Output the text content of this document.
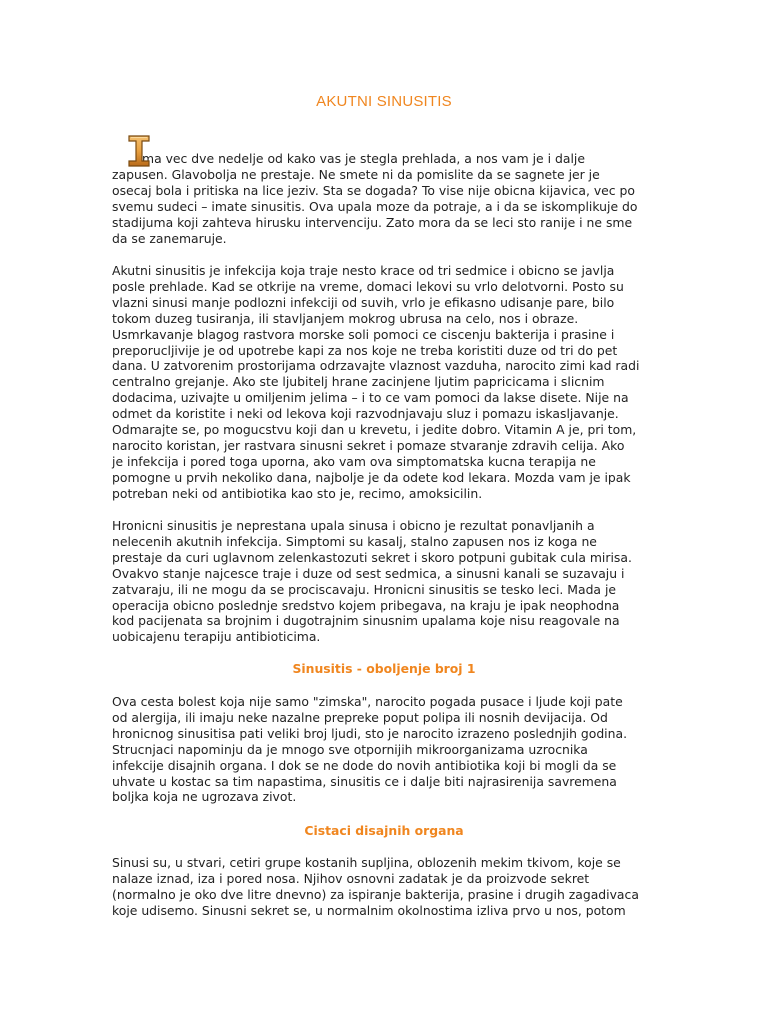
AKUTNI SINUSITIS

ma vec dve nedelje od kako vas je stegla prehlada, a nos vam je i dalje
zapusen. Glavobolja ne prestaje. Ne smete ni da pomislite da se sagnete jer je
osecaj bola i pritiska na lice jeziv. Sta se dogada? To vise nije obicna kijavica, vec po
svemu sudeci – imate sinusitis. Ova upala moze da potraje, a i da se iskomplikuje do
stadijuma koji zahteva hirusku intervenciju. Zato mora da se leci sto ranije i ne sme
da se zanemaruje.

Akutni sinusitis je infekcija koja traje nesto krace od tri sedmice i obicno se javlja
posle prehlade. Kad se otkrije na vreme, domaci lekovi su vrlo delotvorni. Posto su
vlazni sinusi manje podlozni infekciji od suvih, vrlo je efikasno udisanje pare, bilo
tokom duzeg tusiranja, ili stavljanjem mokrog ubrusa na celo, nos i obraze.
Usmrkavanje blagog rastvora morske soli pomoci ce ciscenju bakterija i prasine i
preporuclјivije je od upotrebe kapi za nos koje ne treba koristiti duze od tri do pet
dana. U zatvorenim prostorijama odrzavajte vlaznost vazduha, narocito zimi kad radi
centralno grejanje. Ako ste ljubitelj hrane zacinjene ljutim papricicama i slicnim
dodacima, uzivajte u omiljenim jelima – i to ce vam pomoci da lakse disete. Nije na
odmet da koristite i neki od lekova koji razvodnjavaju sluz i pomazu iskasljavanje.
Odmarajte se, po mogucstvu koji dan u krevetu, i jedite dobro. Vitamin A je, pri tom,
narocito koristan, jer rastvara sinusni sekret i pomaze stvaranje zdravih celija. Ako
je infekcija i pored toga uporna, ako vam ova simptomatska kucna terapija ne
pomogne u prvih nekoliko dana, najbolje je da odete kod lekara. Mozda vam je ipak
potreban neki od antibiotika kao sto je, recimo, amoksicilin.

Hronicni sinusitis je neprestana upala sinusa i obicno je rezultat ponavljanih a
nelecenih akutnih infekcija. Simptomi su kasalj, stalno zapusen nos iz koga ne
prestaje da curi uglavnom zelenkastozuti sekret i skoro potpuni gubitak cula mirisa.
Ovakvo stanje najcesce traje i duze od sest sedmica, a sinusni kanali se suzavaju i
zatvaraju, ili ne mogu da se prociscavaju. Hronicni sinusitis se tesko leci. Mada je
operacija obicno poslednje sredstvo kojem pribegava, na kraju je ipak neophodna
kod pacijenata sa brojnim i dugotrajnim sinusnim upalama koje nisu reagovale na
uobicajenu terapiju antibioticima.

Sinusitis - oboljenje broj 1

Ova cesta bolest koja nije samo "zimska", narocito pogada pusace i ljude koji pate
od alergija, ili imaju neke nazalne prepreke poput polipa ili nosnih devijacija. Od
hronicnog sinusitisa pati veliki broj ljudi, sto je narocito izrazeno poslednjih godina.
Strucnjaci napominju da je mnogo sve otpornijih mikroorganizama uzrocnika
infekcije disajnih organa. I dok se ne dode do novih antibiotika koji bi mogli da se
uhvate u kostac sa tim napastima, sinusitis ce i dalje biti najrasirenija savremena
boljka koja ne ugrozava zivot.

Cistaci disajnih organa

Sinusi su, u stvari, cetiri grupe kostanih supljina, oblozenih mekim tkivom, koje se
nalaze iznad, iza i pored nosa. Njihov osnovni zadatak je da proizvode sekret
(normalno je oko dve litre dnevno) za ispiranje bakterija, prasine i drugih zagadivaca
koje udisemo. Sinusni sekret se, u normalnim okolnostima izliva prvo u nos, potom
